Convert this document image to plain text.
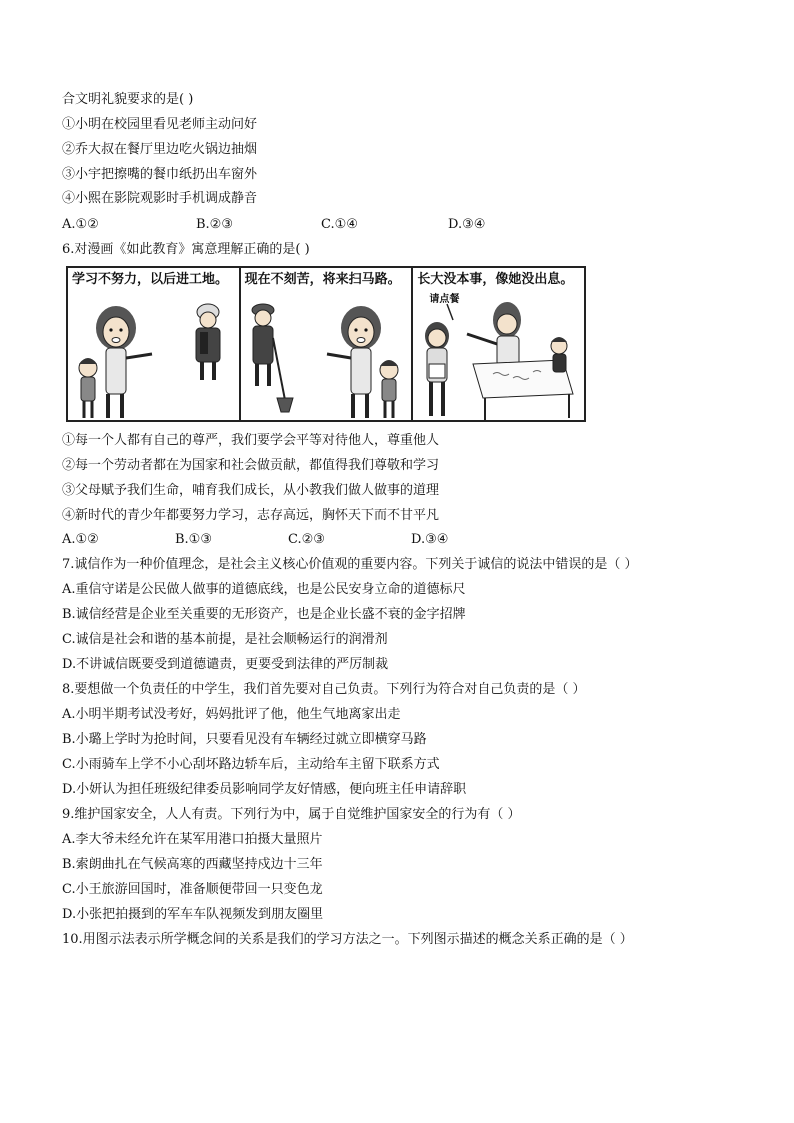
合文明礼貌要求的是( )
①小明在校园里看见老师主动问好
②乔大叔在餐厅里边吃火锅边抽烟
③小宇把擦嘴的餐巾纸扔出车窗外
④小熙在影院观影时手机调成静音
A.①②	B.②③	C.①④	D.③④
6.对漫画《如此教育》寓意理解正确的是( )
学习不努力，以后进工地。 现在不刻苦，将来扫马路。 长大没本事，像她没出息。
请点餐
①每一个人都有自己的尊严，我们要学会平等对待他人，尊重他人
②每一个劳动者都在为国家和社会做贡献，都值得我们尊敬和学习
③父母赋予我们生命，哺育我们成长，从小教我们做人做事的道理
④新时代的青少年都要努力学习，志存高远，胸怀天下而不甘平凡
A.①②	B.①③	C.②③	D.③④
7.诚信作为一种价值理念，是社会主义核心价值观的重要内容。下列关于诚信的说法中错误的是（ ）
A.重信守诺是公民做人做事的道德底线，也是公民安身立命的道德标尺
B.诚信经营是企业至关重要的无形资产，也是企业长盛不衰的金字招牌
C.诚信是社会和谐的基本前提，是社会顺畅运行的润滑剂
D.不讲诚信既要受到道德谴责，更要受到法律的严厉制裁
8.要想做一个负责任的中学生，我们首先要对自己负责。下列行为符合对自己负责的是（ ）
A.小明半期考试没考好，妈妈批评了他，他生气地离家出走
B.小璐上学时为抢时间，只要看见没有车辆经过就立即横穿马路
C.小雨骑车上学不小心刮坏路边轿车后，主动给车主留下联系方式
D.小妍认为担任班级纪律委员影响同学友好情感，便向班主任申请辞职
9.维护国家安全，人人有责。下列行为中，属于自觉维护国家安全的行为有（ ）
A.李大爷未经允许在某军用港口拍摄大量照片
B.索朗曲扎在气候高寒的西藏坚持戍边十三年
C.小王旅游回国时，准备顺便带回一只变色龙
D.小张把拍摄到的军车车队视频发到朋友圈里
10.用图示法表示所学概念间的关系是我们的学习方法之一。下列图示描述的概念关系正确的是（ ）
